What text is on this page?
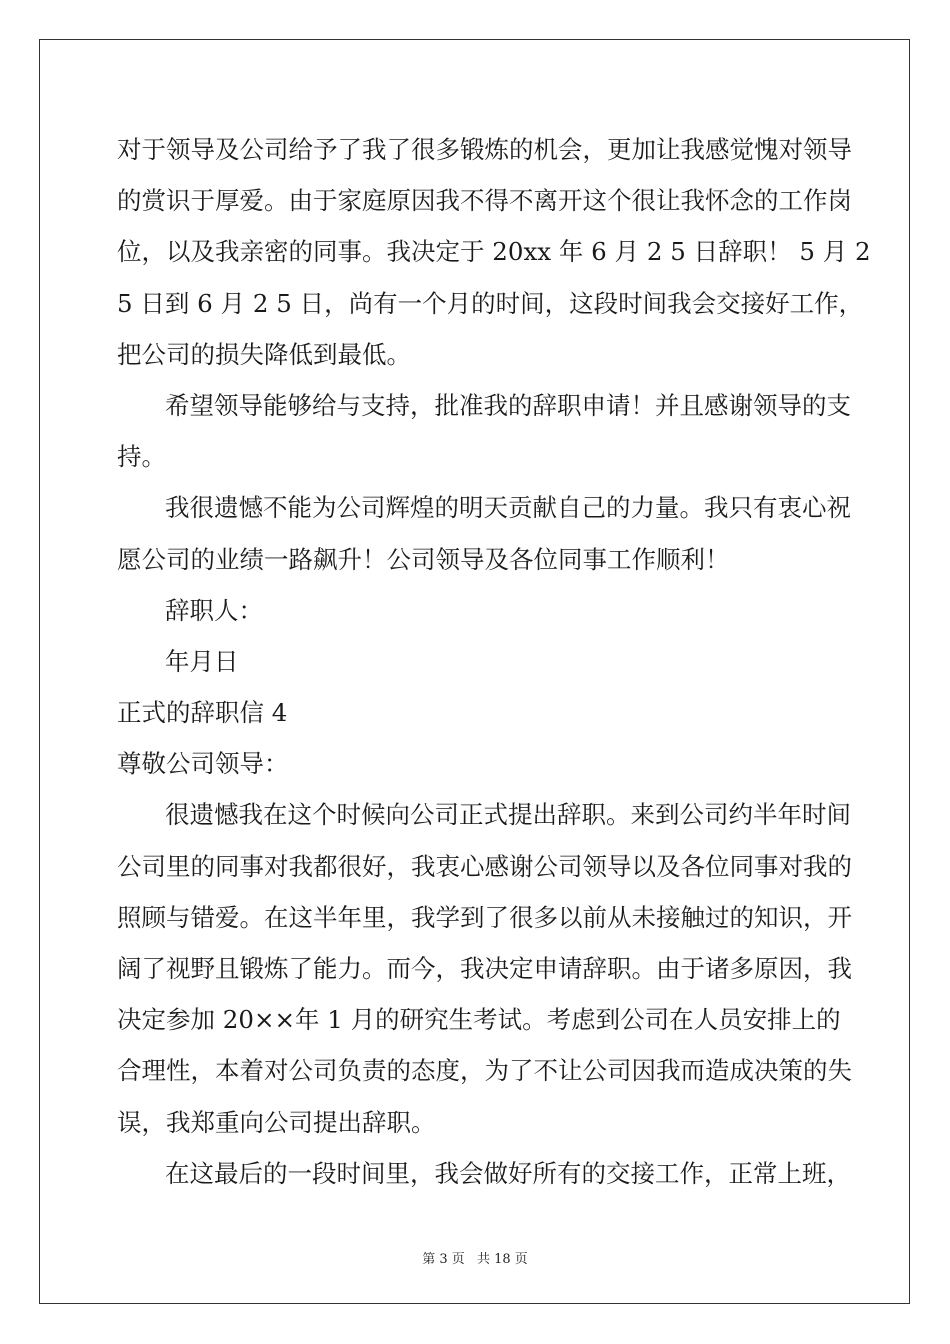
对于领导及公司给予了我了很多锻炼的机会，更加让我感觉愧对领导
的赏识于厚爱。由于家庭原因我不得不离开这个很让我怀念的工作岗
位，以及我亲密的同事。我决定于 20xx 年 6 月 2 5 日辞职！ 5 月 2
5 日到 6 月 2 5 日，尚有一个月的时间，这段时间我会交接好工作，
把公司的损失降低到最低。
希望领导能够给与支持，批准我的辞职申请！并且感谢领导的支
持。
我很遗憾不能为公司辉煌的明天贡献自己的力量。我只有衷心祝
愿公司的业绩一路飙升！公司领导及各位同事工作顺利！
辞职人：
年月日
正式的辞职信 4
尊敬公司领导：
很遗憾我在这个时候向公司正式提出辞职。来到公司约半年时间
公司里的同事对我都很好，我衷心感谢公司领导以及各位同事对我的
照顾与错爱。在这半年里，我学到了很多以前从未接触过的知识，开
阔了视野且锻炼了能力。而今，我决定申请辞职。由于诸多原因，我
决定参加 20××年 1 月的研究生考试。考虑到公司在人员安排上的
合理性，本着对公司负责的态度，为了不让公司因我而造成决策的失
误，我郑重向公司提出辞职。
在这最后的一段时间里，我会做好所有的交接工作，正常上班，
第 3 页 共 18 页
